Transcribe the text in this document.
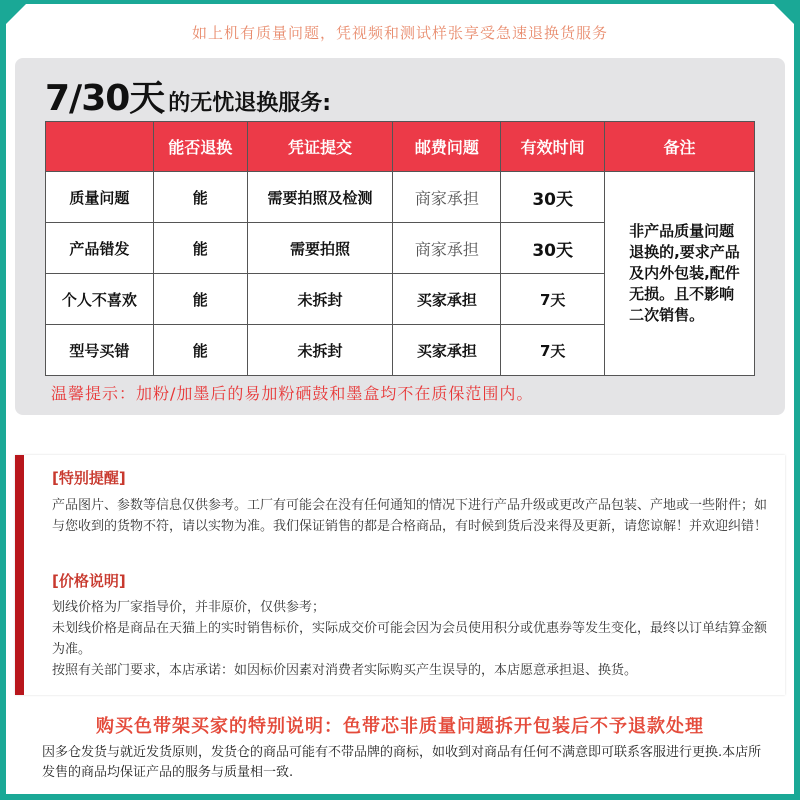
如上机有质量问题，凭视频和测试样张享受急速退换货服务
7/30天 的无忧退换服务:
	能否退换	凭证提交	邮费问题	有效时间	备注
质量问题	能	需要拍照及检测	商家承担	30天	非产品质量问题退换的,要求产品及内外包装,配件无损。且不影响二次销售。
产品错发	能	需要拍照	商家承担	30天	
个人不喜欢	能	未拆封	买家承担	7天	
型号买错	能	未拆封	买家承担	7天	
温馨提示：加粉/加墨后的易加粉硒鼓和墨盒均不在质保范围内。
[特别提醒]
产品图片、参数等信息仅供参考。工厂有可能会在没有任何通知的情况下进行产品升级或更改产品包装、产地或一些附件；如与您收到的货物不符，请以实物为准。我们保证销售的都是合格商品，有时候到货后没来得及更新，请您谅解！并欢迎纠错！
[价格说明]
划线价格为厂家指导价，并非原价，仅供参考；
未划线价格是商品在天猫上的实时销售标价，实际成交价可能会因为会员使用积分或优惠券等发生变化，最终以订单结算金额为准。
按照有关部门要求，本店承诺：如因标价因素对消费者实际购买产生误导的，本店愿意承担退、换货。
购买色带架买家的特别说明：色带芯非质量问题拆开包装后不予退款处理
因多仓发货与就近发货原则，发货仓的商品可能有不带品牌的商标，如收到对商品有任何不满意即可联系客服进行更换.本店所发售的商品均保证产品的服务与质量相一致.
